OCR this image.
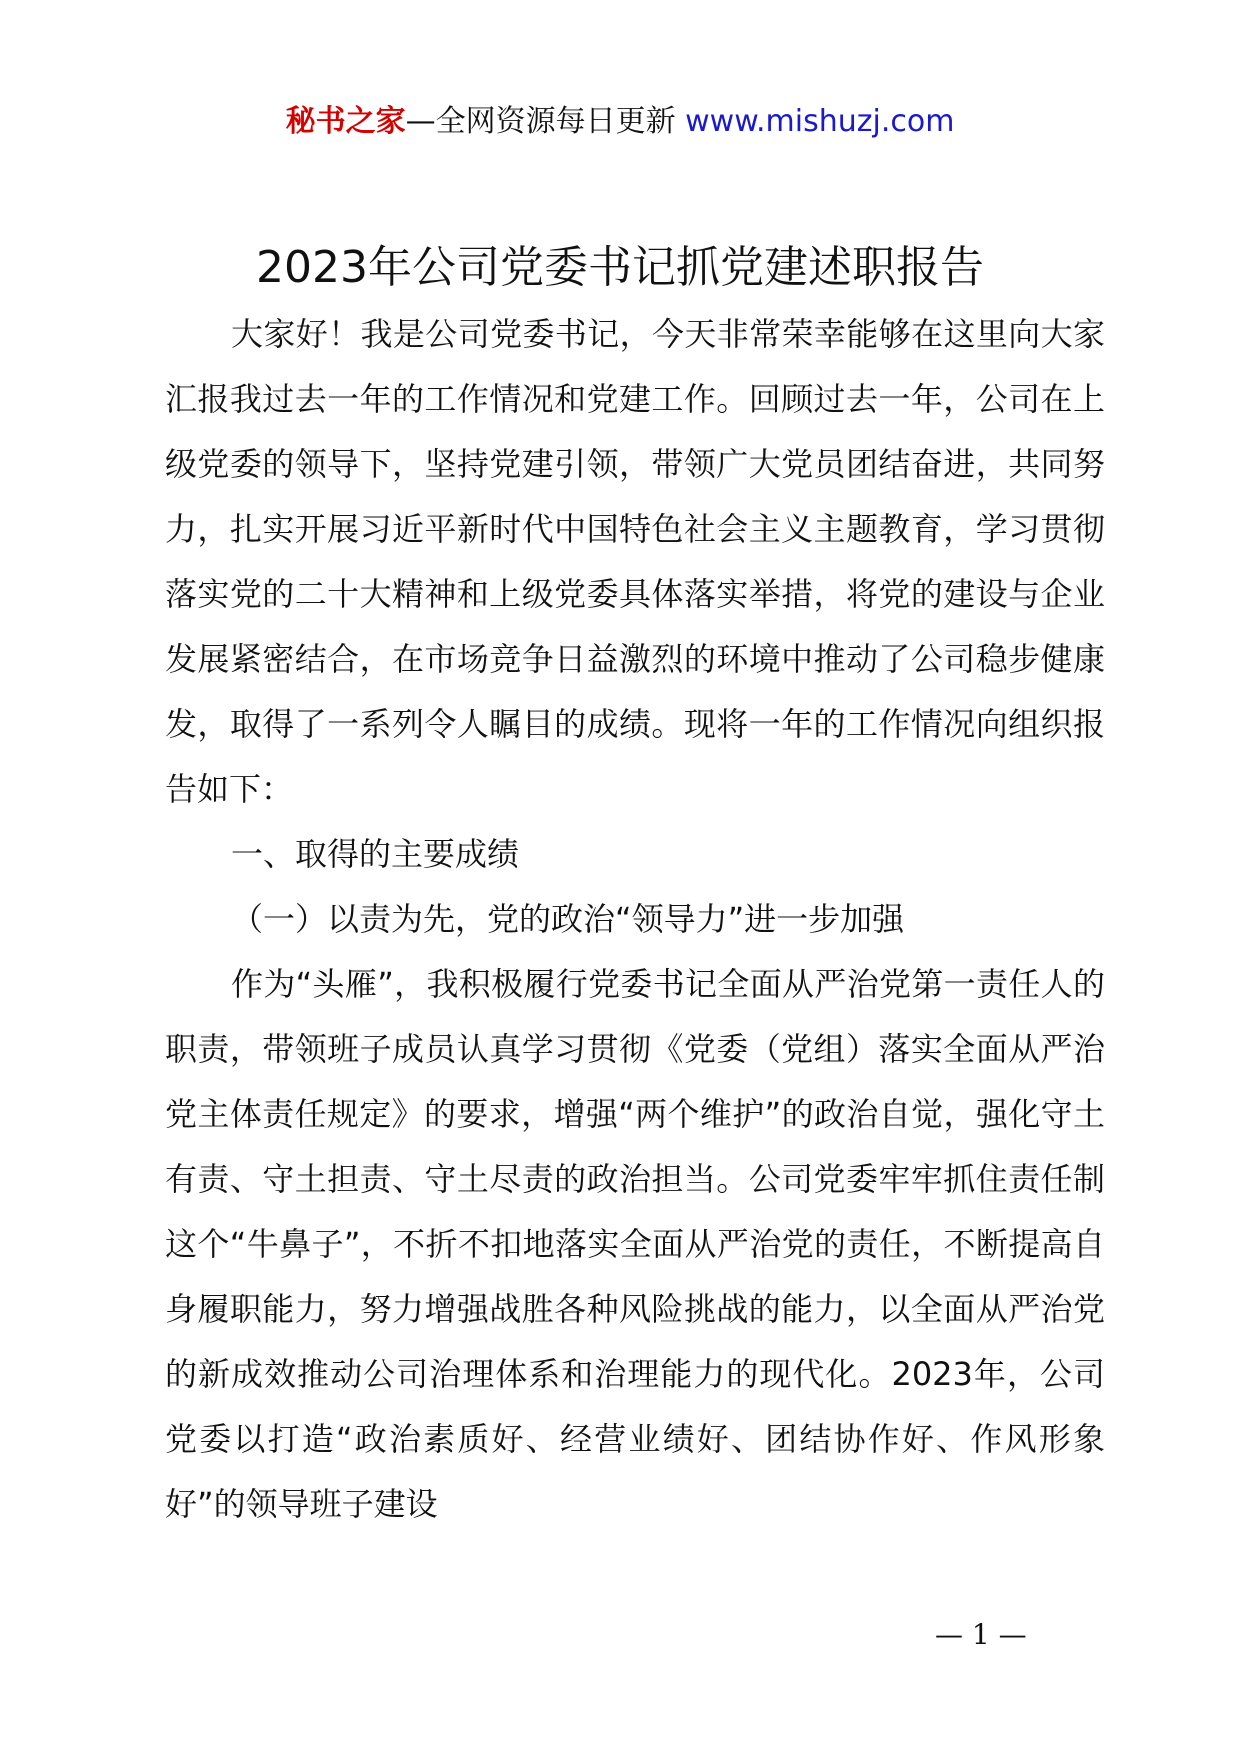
秘书之家—全网资源每日更新 www.mishuzj.com
2023年公司党委书记抓党建述职报告

大家好！我是公司党委书记，今天非常荣幸能够在这里向大家汇报我过去一年的工作情况和党建工作。回顾过去一年，公司在上级党委的领导下，坚持党建引领，带领广大党员团结奋进，共同努力，扎实开展习近平新时代中国特色社会主义主题教育，学习贯彻落实党的二十大精神和上级党委具体落实举措，将党的建设与企业发展紧密结合，在市场竞争日益激烈的环境中推动了公司稳步健康发，取得了一系列令人瞩目的成绩。现将一年的工作情况向组织报告如下：

一、取得的主要成绩

（一）以责为先，党的政治“领导力”进一步加强

作为“头雁”，我积极履行党委书记全面从严治党第一责任人的职责，带领班子成员认真学习贯彻《党委（党组）落实全面从严治党主体责任规定》的要求，增强“两个维护”的政治自觉，强化守土有责、守土担责、守土尽责的政治担当。公司党委牢牢抓住责任制这个“牛鼻子”，不折不扣地落实全面从严治党的责任，不断提高自身履职能力，努力增强战胜各种风险挑战的能力，以全面从严治党的新成效推动公司治理体系和治理能力的现代化。2023年，公司党委以打造“政治素质好、经营业绩好、团结协作好、作风形象好”的领导班子建设

— 1 —
